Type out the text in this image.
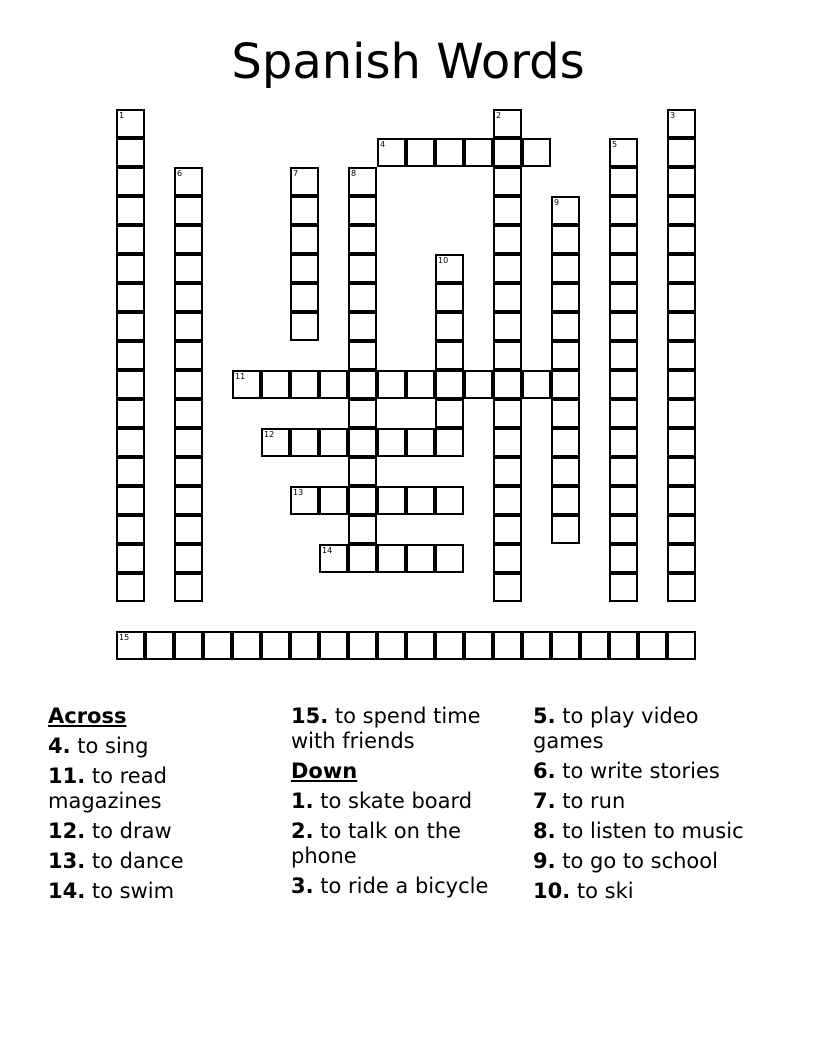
Spanish Words
1	2	3
4	5
6	7	8
9
10
11
12
13
14
15
Across
4. to sing
11. to read magazines
12. to draw
13. to dance
14. to swim
15. to spend time with friends
Down
1. to skate board
2. to talk on the phone
3. to ride a bicycle
5. to play video games
6. to write stories
7. to run
8. to listen to music
9. to go to school
10. to ski
